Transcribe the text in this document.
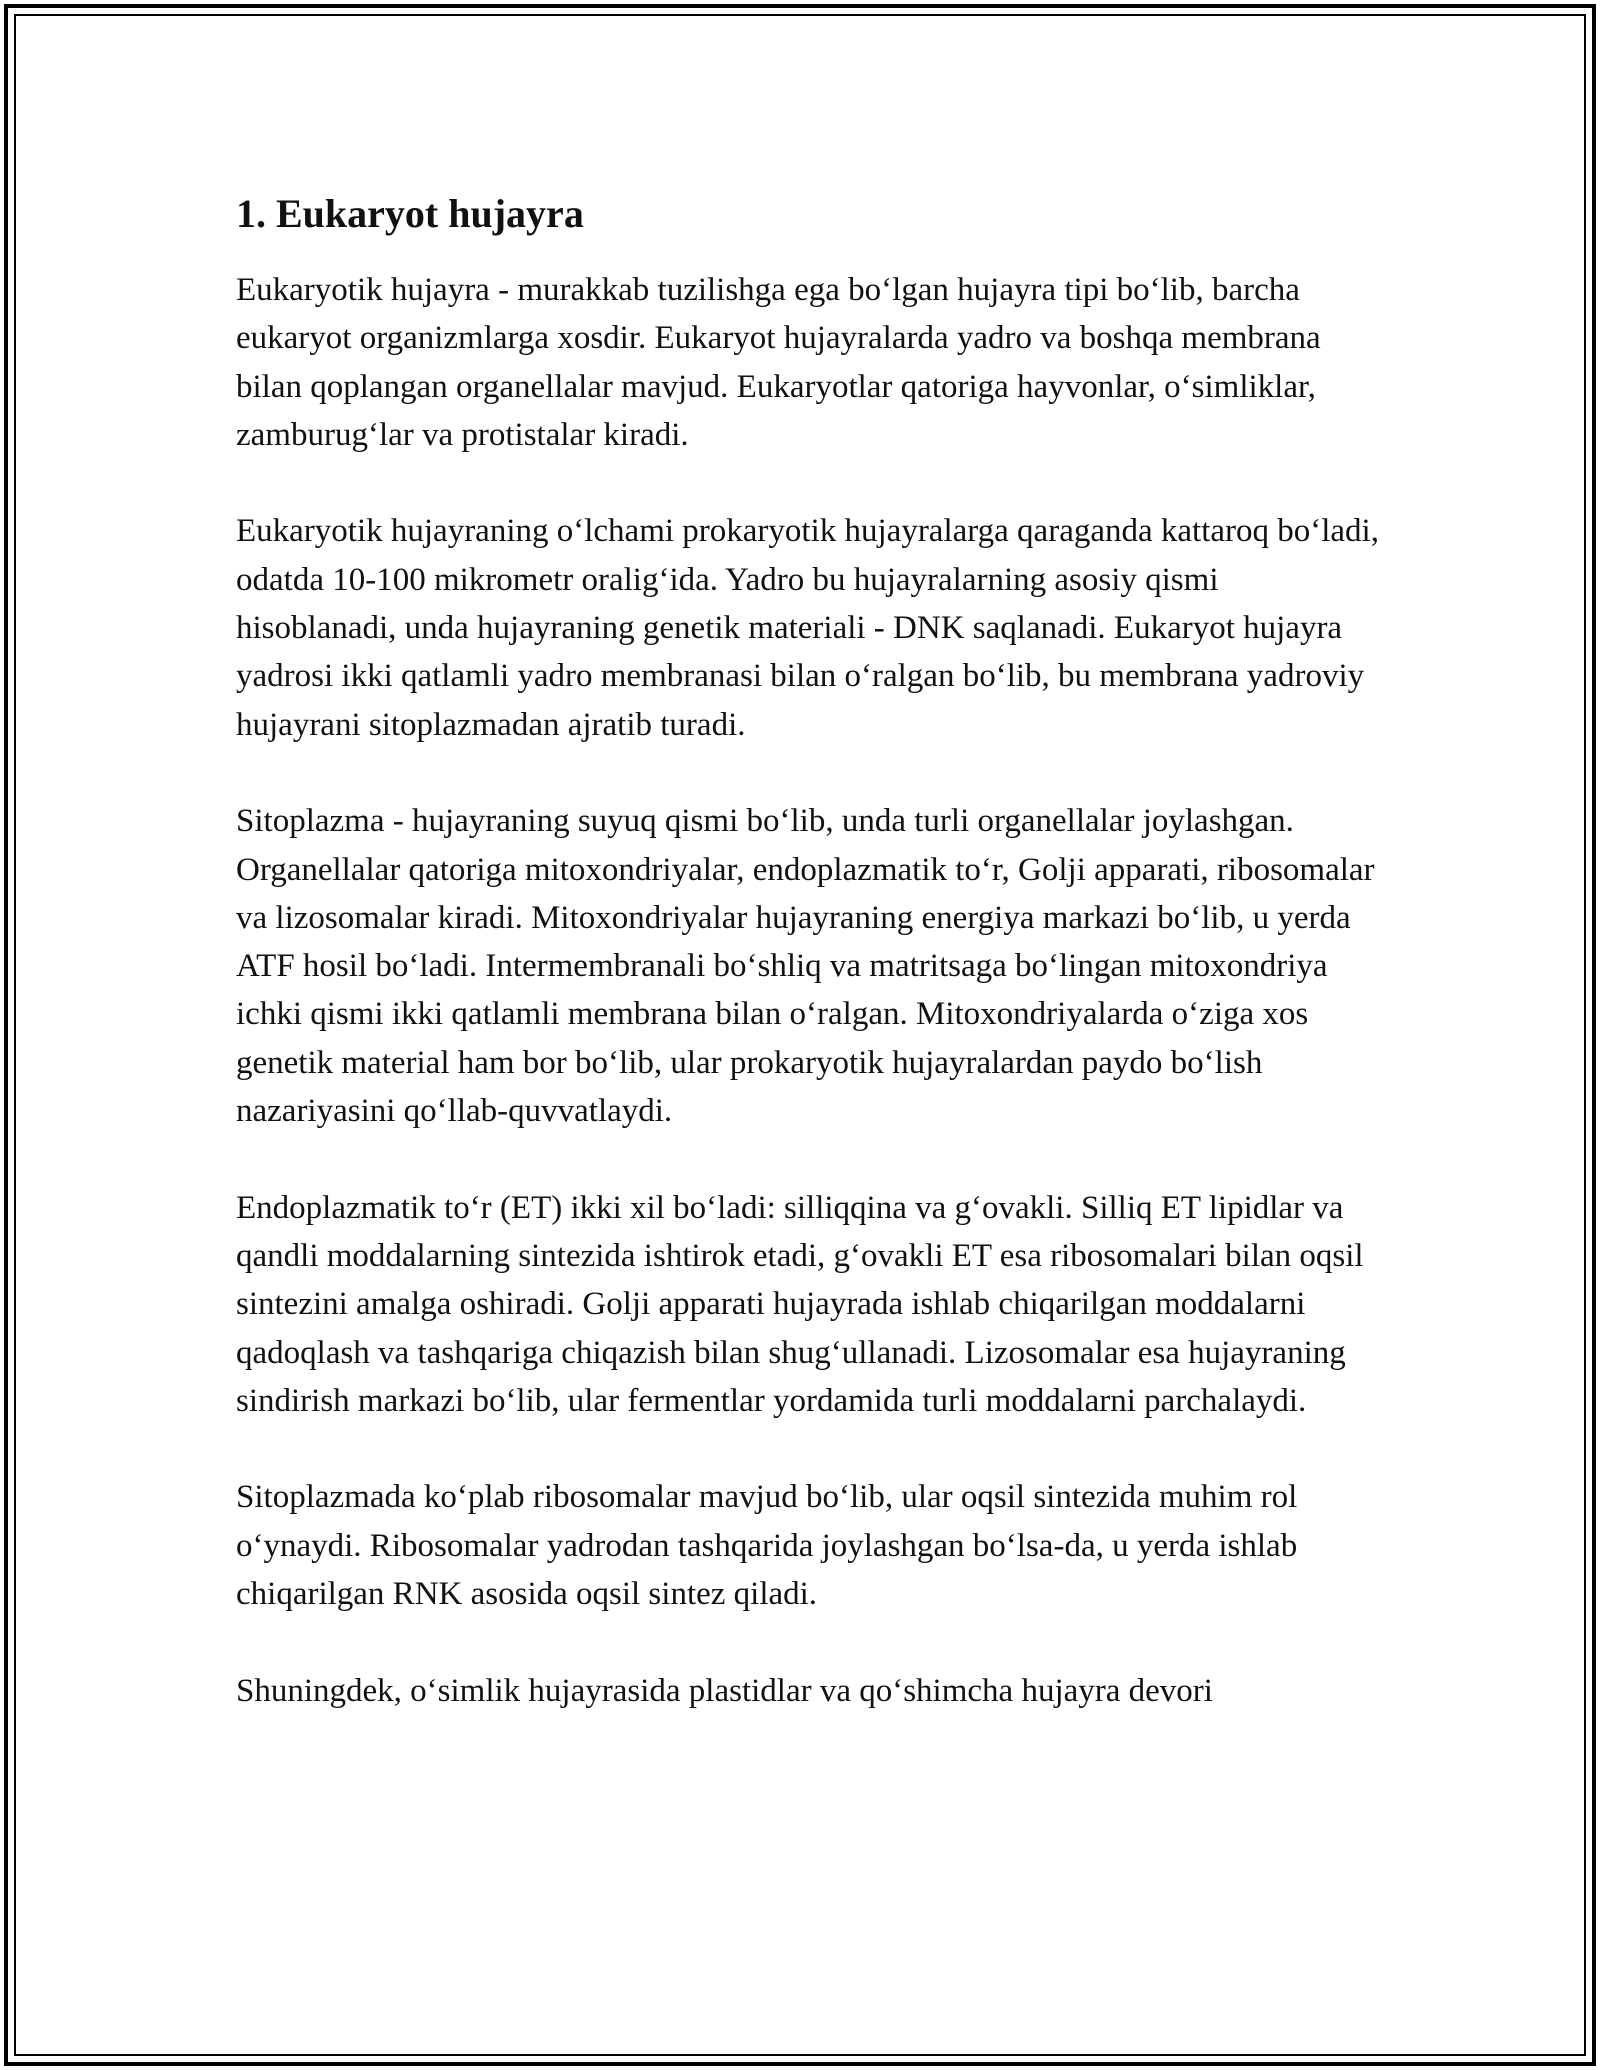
1. Eukaryot hujayra

Eukaryotik hujayra - murakkab tuzilishga ega bo‘lgan hujayra tipi bo‘lib, barcha eukaryot organizmlarga xosdir. Eukaryot hujayralarda yadro va boshqa membrana bilan qoplangan organellalar mavjud. Eukaryotlar qatoriga hayvonlar, o‘simliklar, zamburug‘lar va protistalar kiradi.

Eukaryotik hujayraning o‘lchami prokaryotik hujayralarga qaraganda kattaroq bo‘ladi, odatda 10-100 mikrometr oralig‘ida. Yadro bu hujayralarning asosiy qismi hisoblanadi, unda hujayraning genetik materiali - DNK saqlanadi. Eukaryot hujayra yadrosi ikki qatlamli yadro membranasi bilan o‘ralgan bo‘lib, bu membrana yadroviy hujayrani sitoplazmadan ajratib turadi.

Sitoplazma - hujayraning suyuq qismi bo‘lib, unda turli organellalar joylashgan. Organellalar qatoriga mitoxondriyalar, endoplazmatik to‘r, Golji apparati, ribosomalar va lizosomalar kiradi. Mitoxondriyalar hujayraning energiya markazi bo‘lib, u yerda ATF hosil bo‘ladi. Intermembranali bo‘shliq va matritsaga bo‘lingan mitoxondriya ichki qismi ikki qatlamli membrana bilan o‘ralgan. Mitoxondriyalarda o‘ziga xos genetik material ham bor bo‘lib, ular prokaryotik hujayralardan paydo bo‘lish nazariyasini qo‘llab-quvvatlaydi.

Endoplazmatik to‘r (ET) ikki xil bo‘ladi: silliqqina va g‘ovakli. Silliq ET lipidlar va qandli moddalarning sintezida ishtirok etadi, g‘ovakli ET esa ribosomalari bilan oqsil sintezini amalga oshiradi. Golji apparati hujayrada ishlab chiqarilgan moddalarni qadoqlash va tashqariga chiqazish bilan shug‘ullanadi. Lizosomalar esa hujayraning sindirish markazi bo‘lib, ular fermentlar yordamida turli moddalarni parchalaydi.

Sitoplazmada ko‘plab ribosomalar mavjud bo‘lib, ular oqsil sintezida muhim rol o‘ynaydi. Ribosomalar yadrodan tashqarida joylashgan bo‘lsa-da, u yerda ishlab chiqarilgan RNK asosida oqsil sintez qiladi.

Shuningdek, o‘simlik hujayrasida plastidlar va qo‘shimcha hujayra devori
